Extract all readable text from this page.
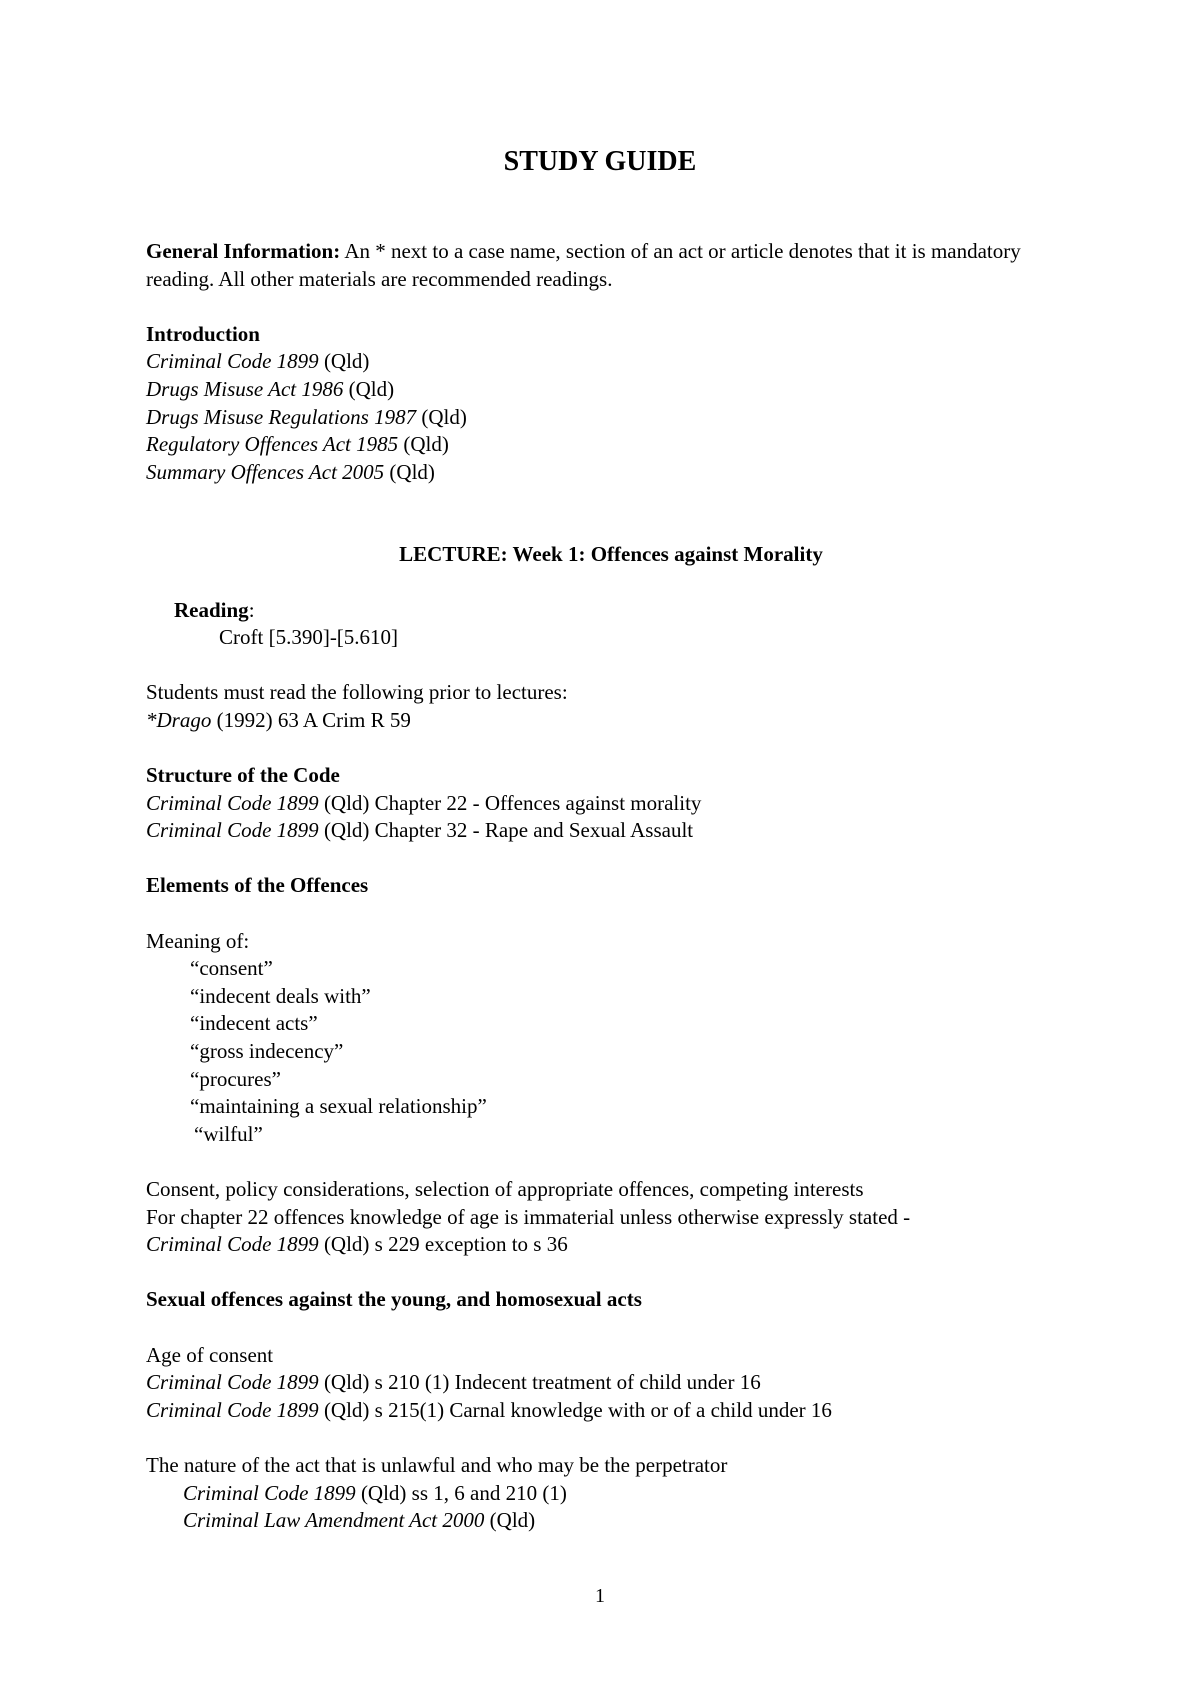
STUDY GUIDE

General Information: An * next to a case name, section of an act or article denotes that it is mandatory reading. All other materials are recommended readings.

Introduction

Criminal Code 1899 (Qld)

Drugs Misuse Act 1986 (Qld)

Drugs Misuse Regulations 1987 (Qld)

Regulatory Offences Act 1985 (Qld)

Summary Offences Act 2005 (Qld)

LECTURE: Week 1: Offences against Morality

Reading:

Croft [5.390]-[5.610]

Students must read the following prior to lectures:

*Drago (1992) 63 A Crim R 59

Structure of the Code

Criminal Code 1899 (Qld) Chapter 22 - Offences against morality

Criminal Code 1899 (Qld) Chapter 32 - Rape and Sexual Assault

Elements of the Offences

Meaning of:

“consent”

“indecent deals with”

“indecent acts”

“gross indecency”

“procures”

“maintaining a sexual relationship”

“wilful”

Consent, policy considerations, selection of appropriate offences, competing interests

For chapter 22 offences knowledge of age is immaterial unless otherwise expressly stated -

Criminal Code 1899 (Qld) s 229 exception to s 36

Sexual offences against the young, and homosexual acts

Age of consent

Criminal Code 1899 (Qld) s 210 (1) Indecent treatment of child under 16

Criminal Code 1899 (Qld) s 215(1) Carnal knowledge with or of a child under 16

The nature of the act that is unlawful and who may be the perpetrator

Criminal Code 1899 (Qld) ss 1, 6 and 210 (1)

Criminal Law Amendment Act 2000 (Qld)

1
